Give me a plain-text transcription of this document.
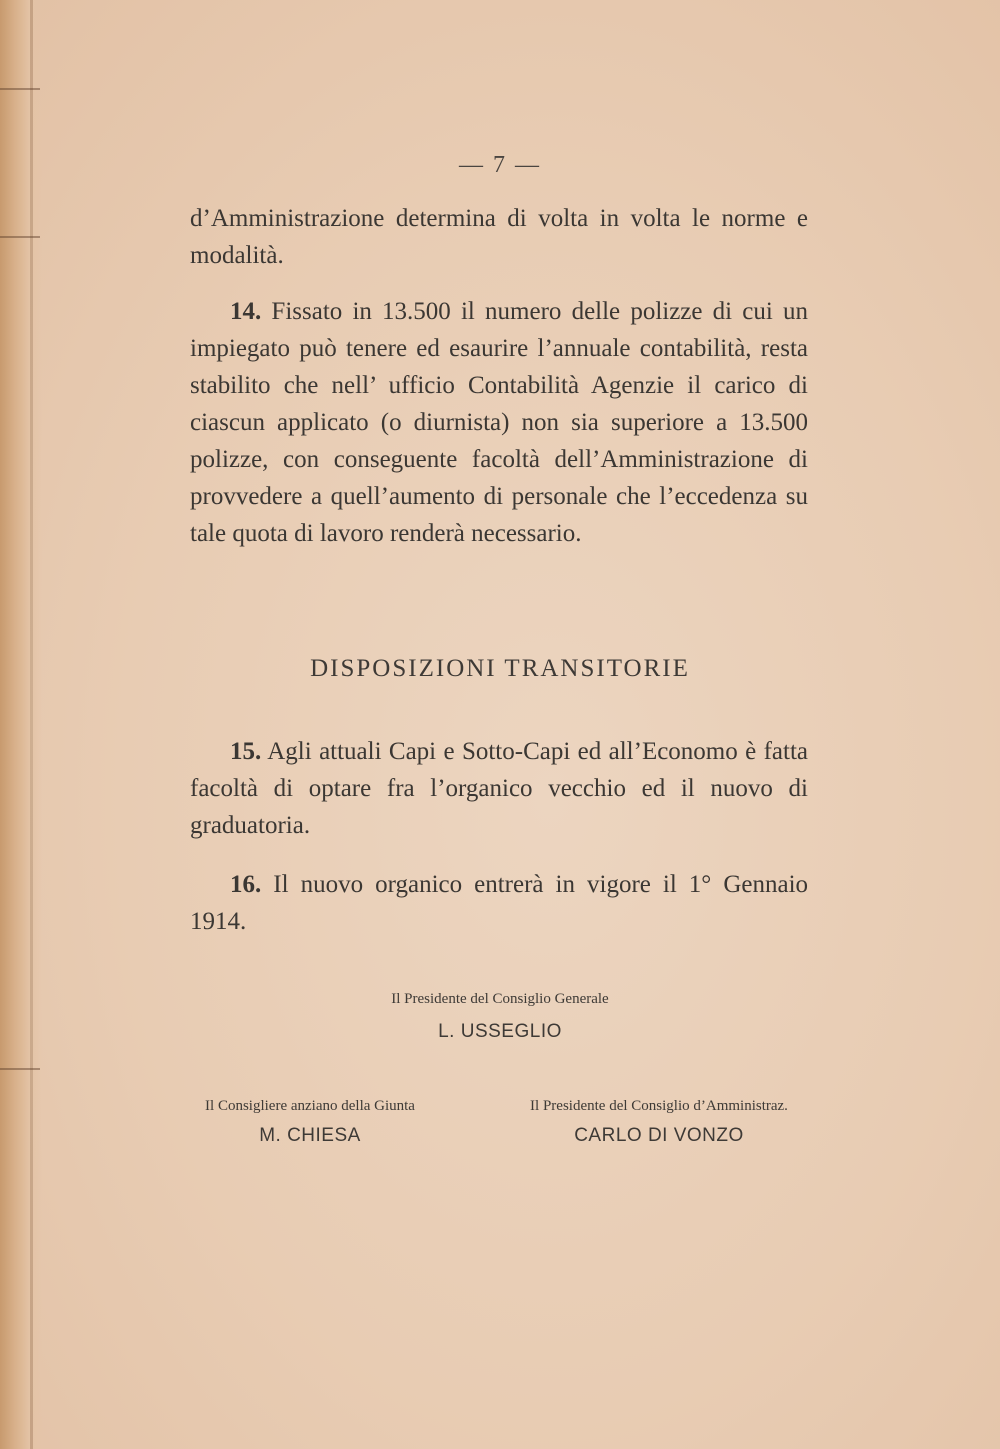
— 7 —
d’Amministrazione determina di volta in volta le norme e modalità.
14. Fissato in 13.500 il numero delle polizze di cui un impiegato può tenere ed esaurire l’annuale contabilità, resta stabilito che nell’ ufficio Contabilità Agenzie il carico di ciascun applicato (o diurnista) non sia superiore a 13.500 polizze, con conseguente facoltà dell’Amministrazione di provvedere a quell’aumento di personale che l’eccedenza su tale quota di lavoro renderà necessario.
DISPOSIZIONI TRANSITORIE
15. Agli attuali Capi e Sotto-Capi ed all’Economo è fatta facoltà di optare fra l’organico vecchio ed il nuovo di graduatoria.
16. Il nuovo organico entrerà in vigore il 1° Gennaio 1914.
Il Presidente del Consiglio Generale
L. USSEGLIO
Il Consigliere anziano della Giunta
M. CHIESA
Il Presidente del Consiglio d’Amministraz.
CARLO DI VONZO
